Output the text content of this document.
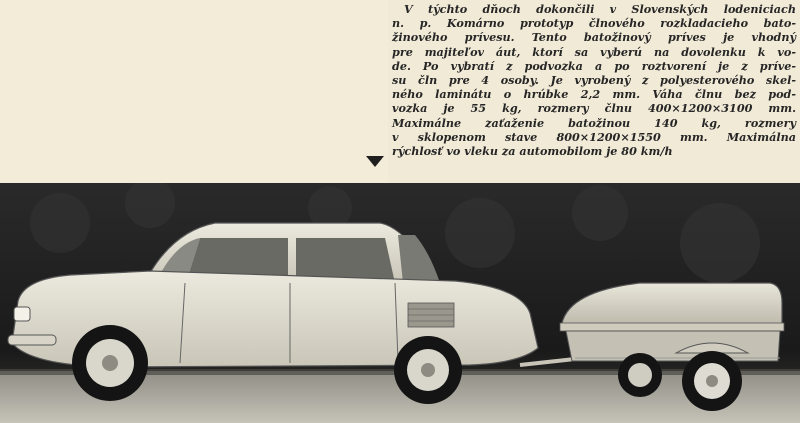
V týchto dňoch dokončili v Slovenských lodeniciach
n. p. Komárno prototyp člnového rozkladacieho bato-
žinového prívesu. Tento batožinový príves je vhodný
pre majiteľov áut, ktorí sa vyberú na dovolenku k vo-
de. Po vybratí z podvozka a po roztvorení je z príve-
su čln pre 4 osoby. Je vyrobený z polyesterového skel-
ného laminátu o hrúbke 2,2 mm. Váha člnu bez pod-
vozka je 55 kg, rozmery člnu 400×1200×3100 mm.
Maximálne zaťaženie batožinou 140 kg, rozmery
v sklopenom stave 800×1200×1550 mm. Maximálna
rýchlosť vo vleku za automobilom je 80 km/h
